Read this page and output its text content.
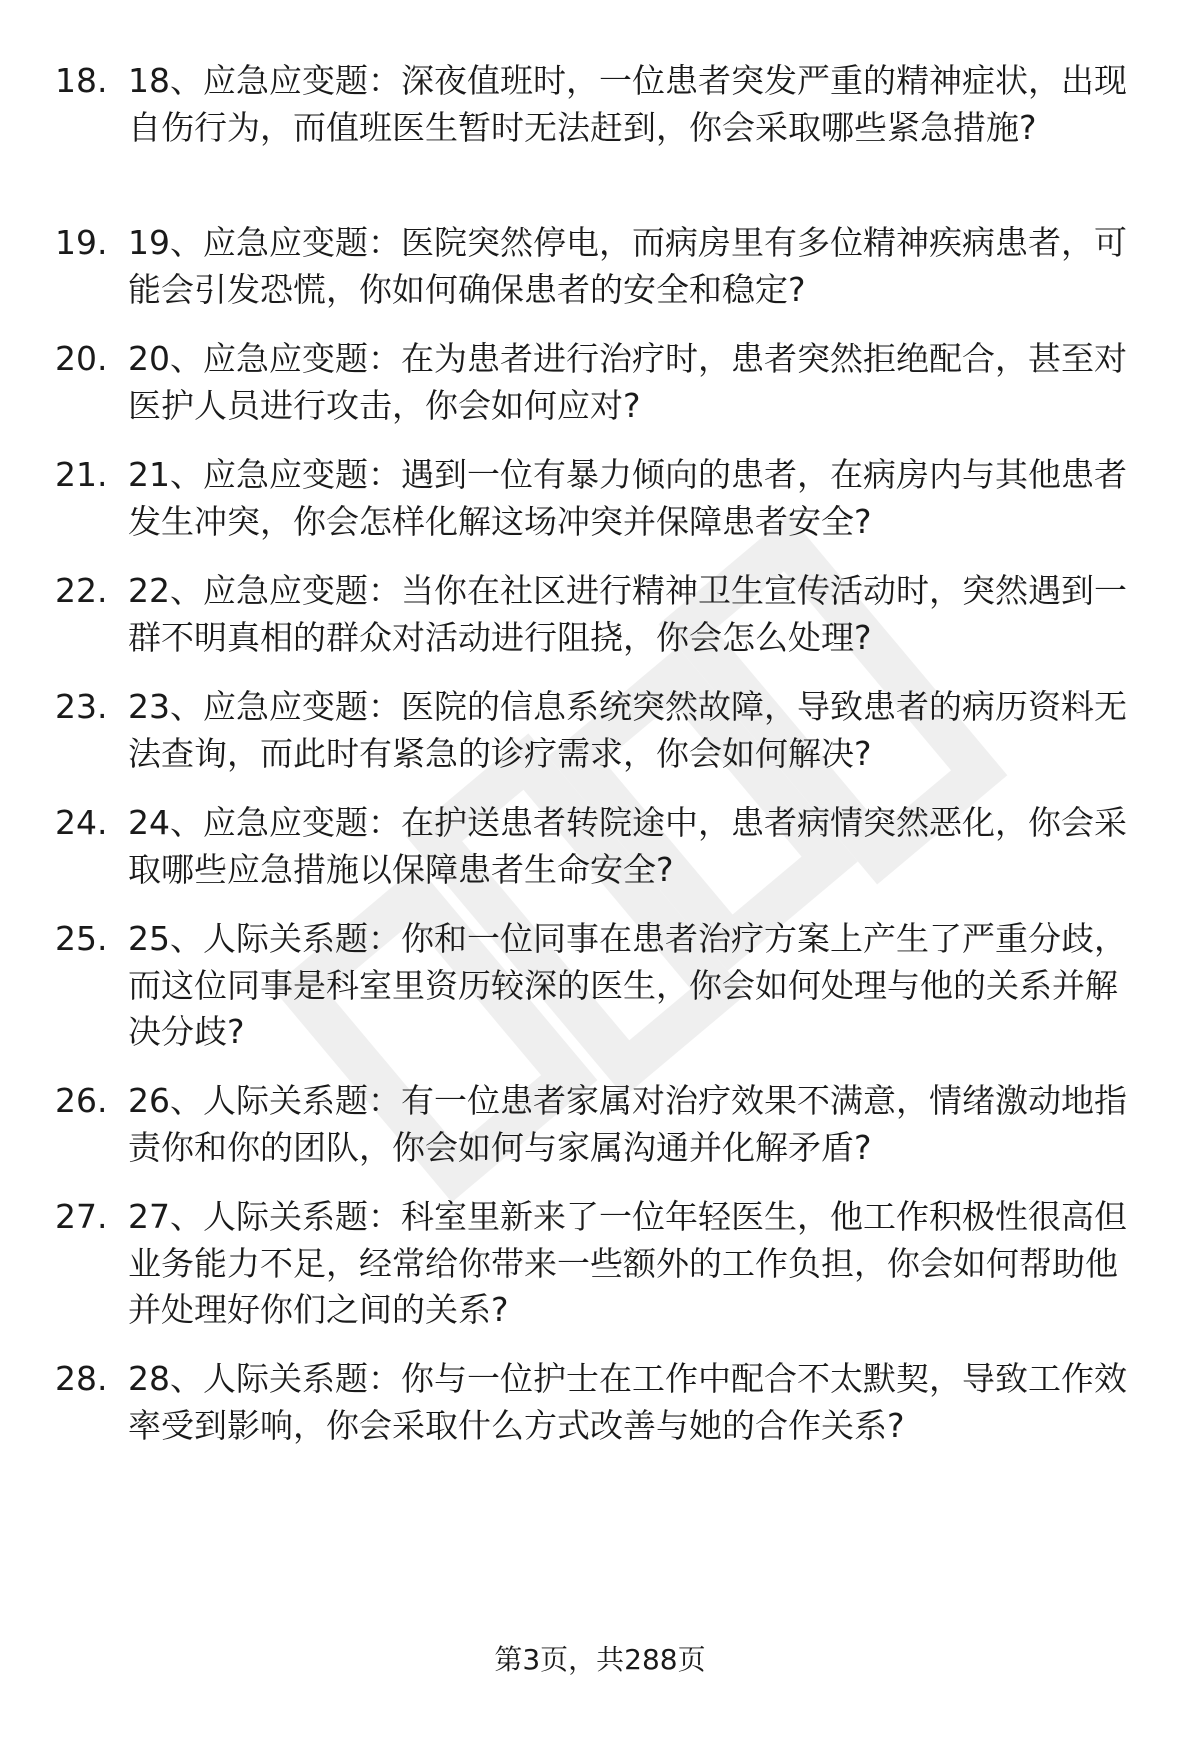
18. 18、应急应变题：深夜值班时，一位患者突发严重的精神症状，出现自伤行为，而值班医生暂时无法赶到，你会采取哪些紧急措施?
19. 19、应急应变题：医院突然停电，而病房里有多位精神疾病患者，可能会引发恐慌，你如何确保患者的安全和稳定?
20. 20、应急应变题：在为患者进行治疗时，患者突然拒绝配合，甚至对医护人员进行攻击，你会如何应对?
21. 21、应急应变题：遇到一位有暴力倾向的患者，在病房内与其他患者发生冲突，你会怎样化解这场冲突并保障患者安全?
22. 22、应急应变题：当你在社区进行精神卫生宣传活动时，突然遇到一群不明真相的群众对活动进行阻挠，你会怎么处理?
23. 23、应急应变题：医院的信息系统突然故障，导致患者的病历资料无法查询，而此时有紧急的诊疗需求，你会如何解决?
24. 24、应急应变题：在护送患者转院途中，患者病情突然恶化，你会采取哪些应急措施以保障患者生命安全?
25. 25、人际关系题：你和一位同事在患者治疗方案上产生了严重分歧，而这位同事是科室里资历较深的医生，你会如何处理与他的关系并解决分歧?
26. 26、人际关系题：有一位患者家属对治疗效果不满意，情绪激动地指责你和你的团队，你会如何与家属沟通并化解矛盾?
27. 27、人际关系题：科室里新来了一位年轻医生，他工作积极性很高但业务能力不足，经常给你带来一些额外的工作负担，你会如何帮助他并处理好你们之间的关系?
28. 28、人际关系题：你与一位护士在工作中配合不太默契，导致工作效率受到影响，你会采取什么方式改善与她的合作关系?
第3页，共288页
